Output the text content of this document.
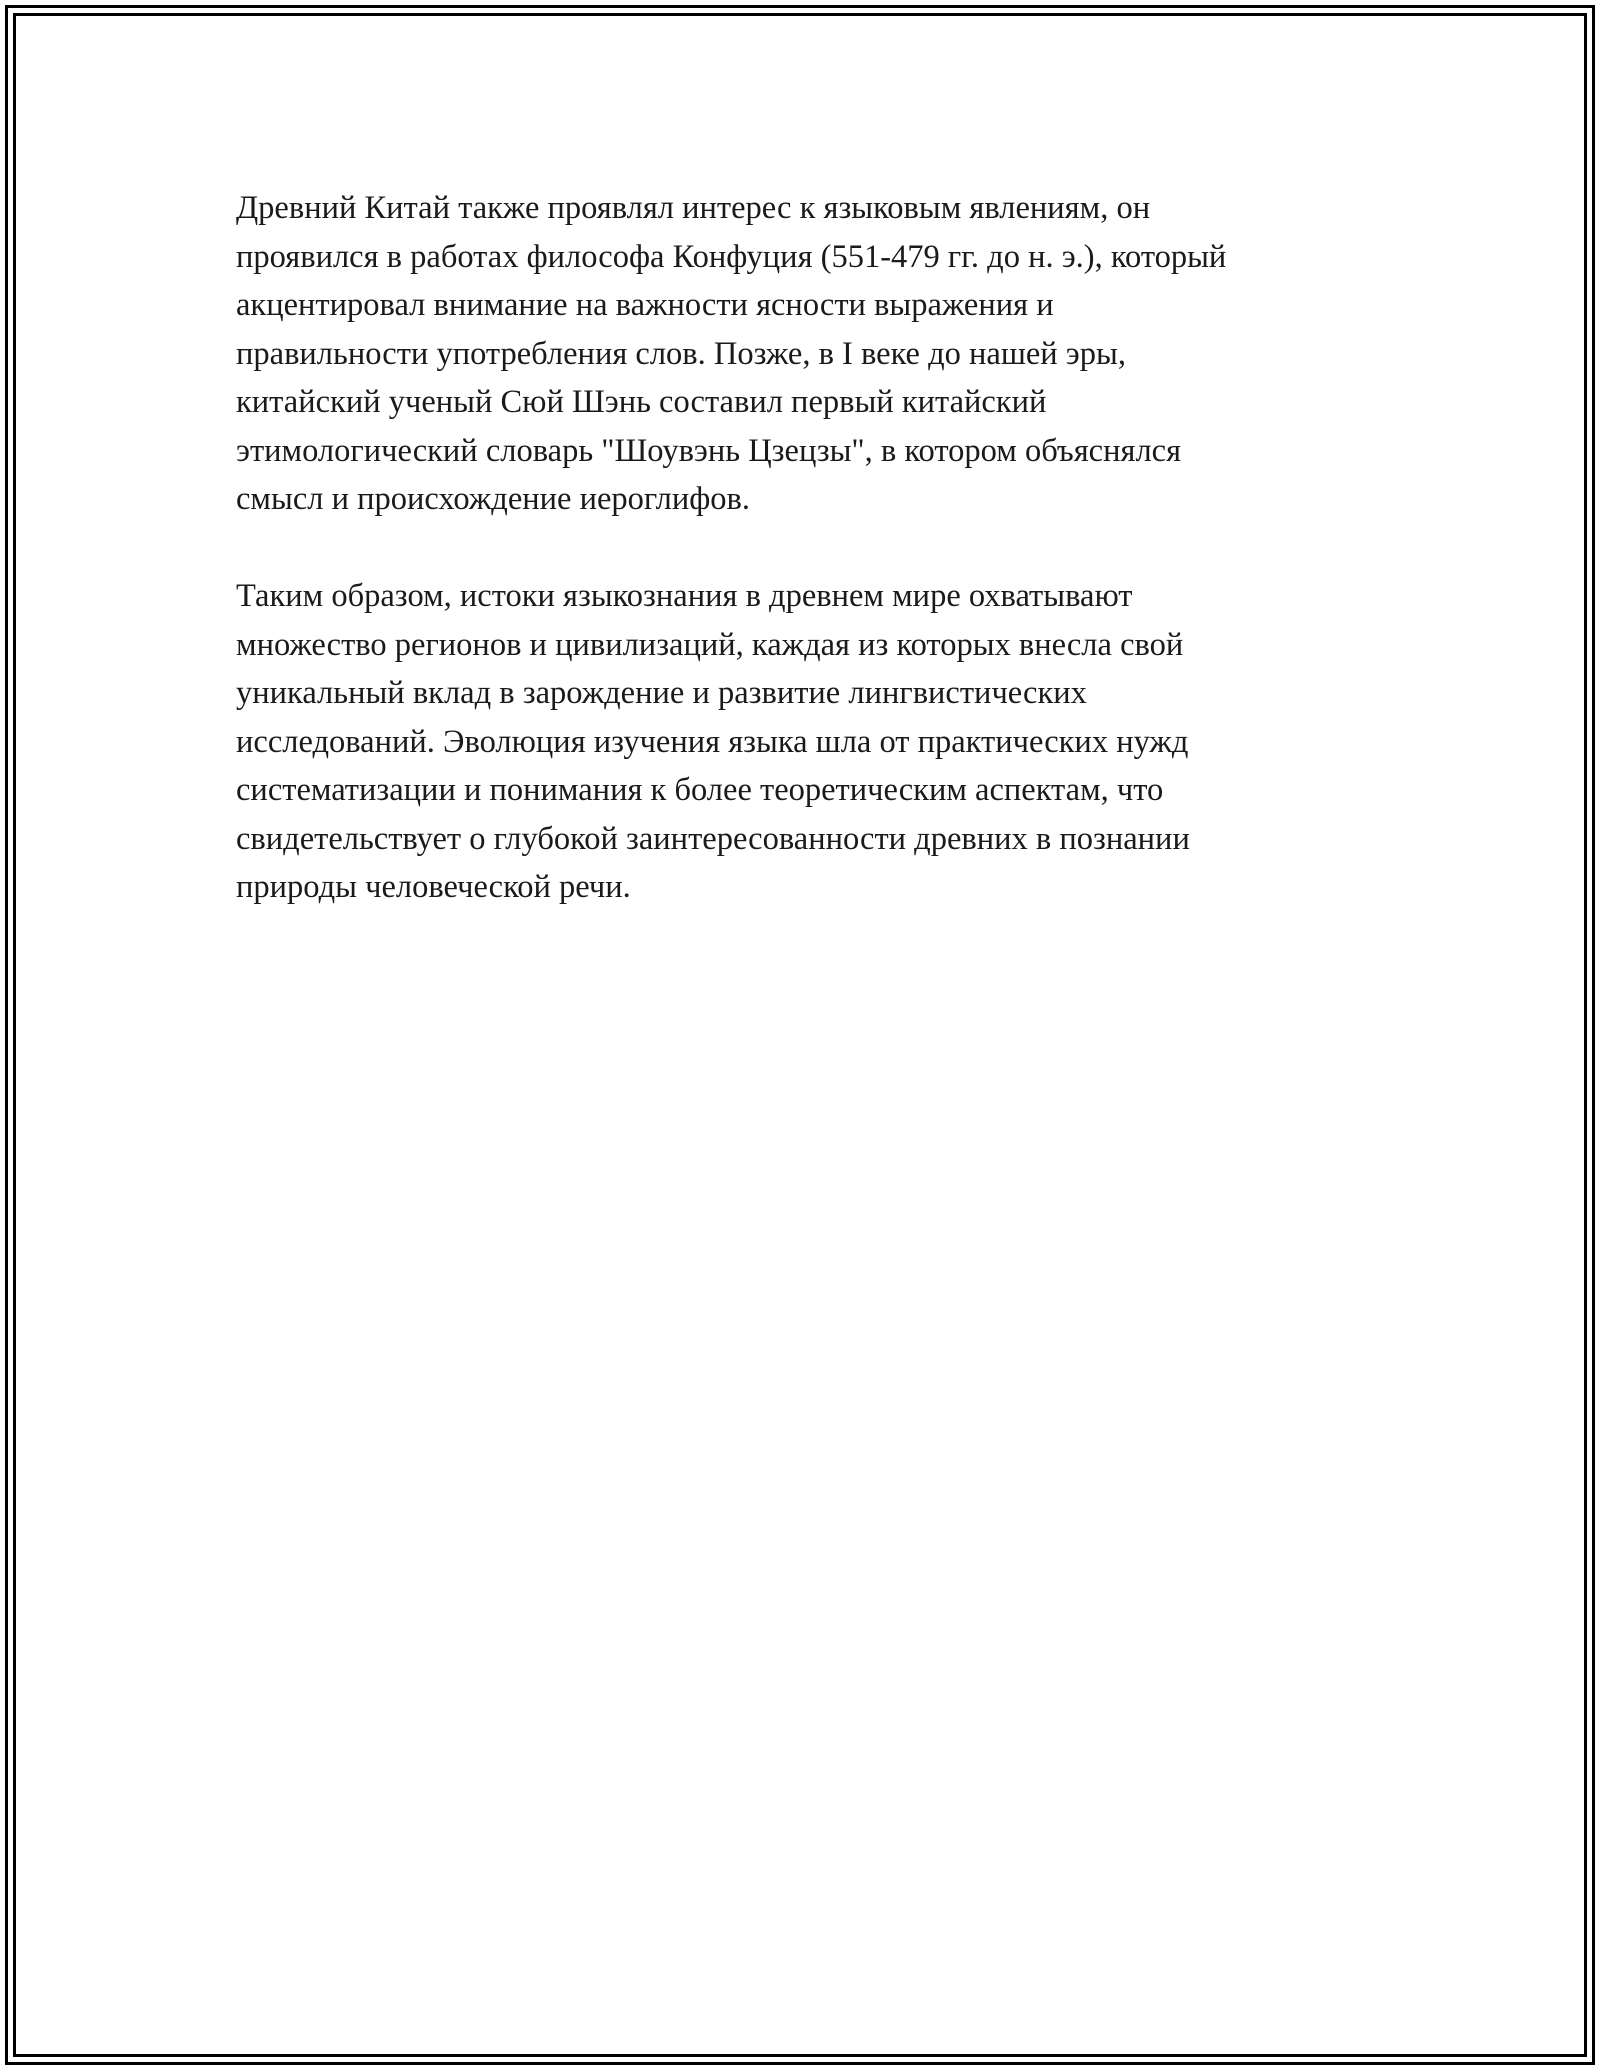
Древний Китай также проявлял интерес к языковым явлениям, он
проявился в работах философа Конфуция (551-479 гг. до н. э.), который
акцентировал внимание на важности ясности выражения и
правильности употребления слов. Позже, в I веке до нашей эры,
китайский ученый Сюй Шэнь составил первый китайский
этимологический словарь "Шоувэнь Цзецзы", в котором объяснялся
смысл и происхождение иероглифов.

Таким образом, истоки языкознания в древнем мире охватывают
множество регионов и цивилизаций, каждая из которых внесла свой
уникальный вклад в зарождение и развитие лингвистических
исследований. Эволюция изучения языка шла от практических нужд
систематизации и понимания к более теоретическим аспектам, что
свидетельствует о глубокой заинтересованности древних в познании
природы человеческой речи.
